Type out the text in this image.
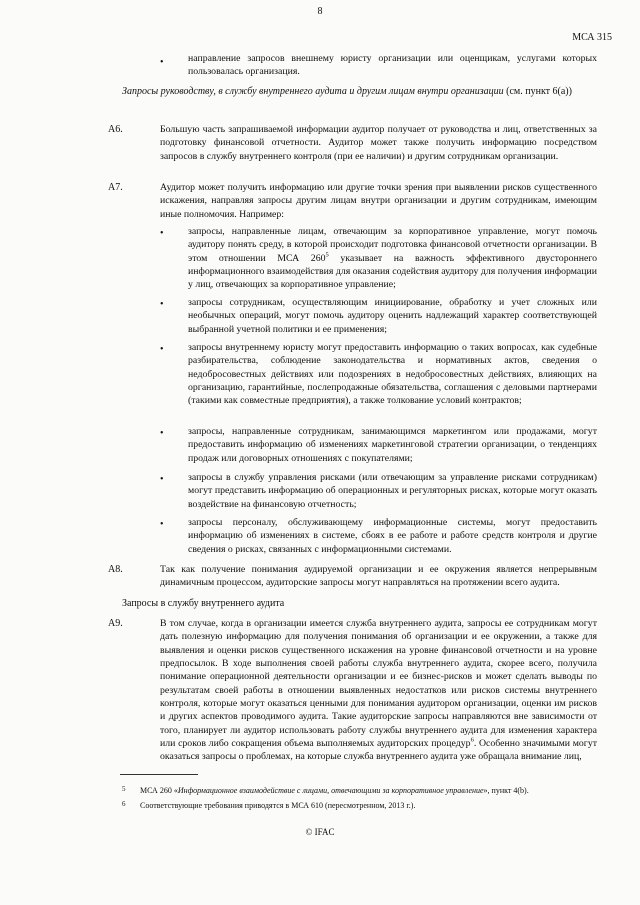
8
МСА 315
•	направление запросов внешнему юристу организации или оценщикам, услугами которых пользовалась организация.

Запросы руководству, в службу внутреннего аудита и другим лицам внутри организации (см. пункт 6(а))

А6.	Большую часть запрашиваемой информации аудитор получает от руководства и лиц, ответственных за подготовку финансовой отчетности. Аудитор может также получить информацию посредством запросов в службу внутреннего контроля (при ее наличии) и другим сотрудникам организации.

А7.	Аудитор может получить информацию или другие точки зрения при выявлении рисков существенного искажения, направляя запросы другим лицам внутри организации и другим сотрудникам, имеющим иные полномочия. Например:

•	запросы, направленные лицам, отвечающим за корпоративное управление, могут помочь аудитору понять среду, в которой происходит подготовка финансовой отчетности организации. В этом отношении МСА $260^5$ указывает на важность эффективного двустороннего информационного взаимодействия для оказания содействия аудитору для получения информации у лиц, отвечающих за корпоративное управление;

•	запросы сотрудникам, осуществляющим инициирование, обработку и учет сложных или необычных операций, могут помочь аудитору оценить надлежащий характер соответствующей выбранной учетной политики и ее применения;

•	запросы внутреннему юристу могут предоставить информацию о таких вопросах, как судебные разбирательства, соблюдение законодательства и нормативных актов, сведения о недобросовестных действиях или подозрениях в недобросовестных действиях, влияющих на организацию, гарантийные, послепродажные обязательства, соглашения с деловыми партнерами (такими как совместные предприятия), а также толкование условий контрактов;

•	запросы, направленные сотрудникам, занимающимся маркетингом или продажами, могут предоставить информацию об изменениях маркетинговой стратегии организации, о тенденциях продаж или договорных отношениях с покупателями;

•	запросы в службу управления рисками (или отвечающим за управление рисками сотрудникам) могут представить информацию об операционных и регуляторных рисках, которые могут оказать воздействие на финансовую отчетность;

•	запросы персоналу, обслуживающему информационные системы, могут предоставить информацию об изменениях в системе, сбоях в ее работе и работе средств контроля и другие сведения о рисках, связанных с информационными системами.

А8.	Так как получение понимания аудируемой организации и ее окружения является непрерывным динамичным процессом, аудиторские запросы могут направляться на протяжении всего аудита.

Запросы в службу внутреннего аудита

А9.	В том случае, когда в организации имеется служба внутреннего аудита, запросы ее сотрудникам могут дать полезную информацию для получения понимания об организации и ее окружении, а также для выявления и оценки рисков существенного искажения на уровне финансовой отчетности и на уровне предпосылок. В ходе выполнения своей работы служба внутреннего аудита, скорее всего, получила понимание операционной деятельности организации и ее бизнес-рисков и может сделать выводы по результатам своей работы в отношении выявленных недостатков или рисков системы внутреннего контроля, которые могут оказаться ценными для понимания аудитором организации, оценки им рисков и других аспектов проводимого аудита. Такие аудиторские запросы направляются вне зависимости от того, планирует ли аудитор использовать работу службы внутреннего аудита для изменения характера или сроков либо сокращения объема выполняемых аудиторских процедур$^6$. Особенно значимыми могут оказаться запросы о проблемах, на которые служба внутреннего аудита уже обращала внимание лиц,

5	МСА 260 «Информационное взаимодействие с лицами, отвечающими за корпоративное управление», пункт 4(b).

6	Соответствующие требования приводятся в МСА 610 (пересмотренном, 2013 г.).

© IFAC
